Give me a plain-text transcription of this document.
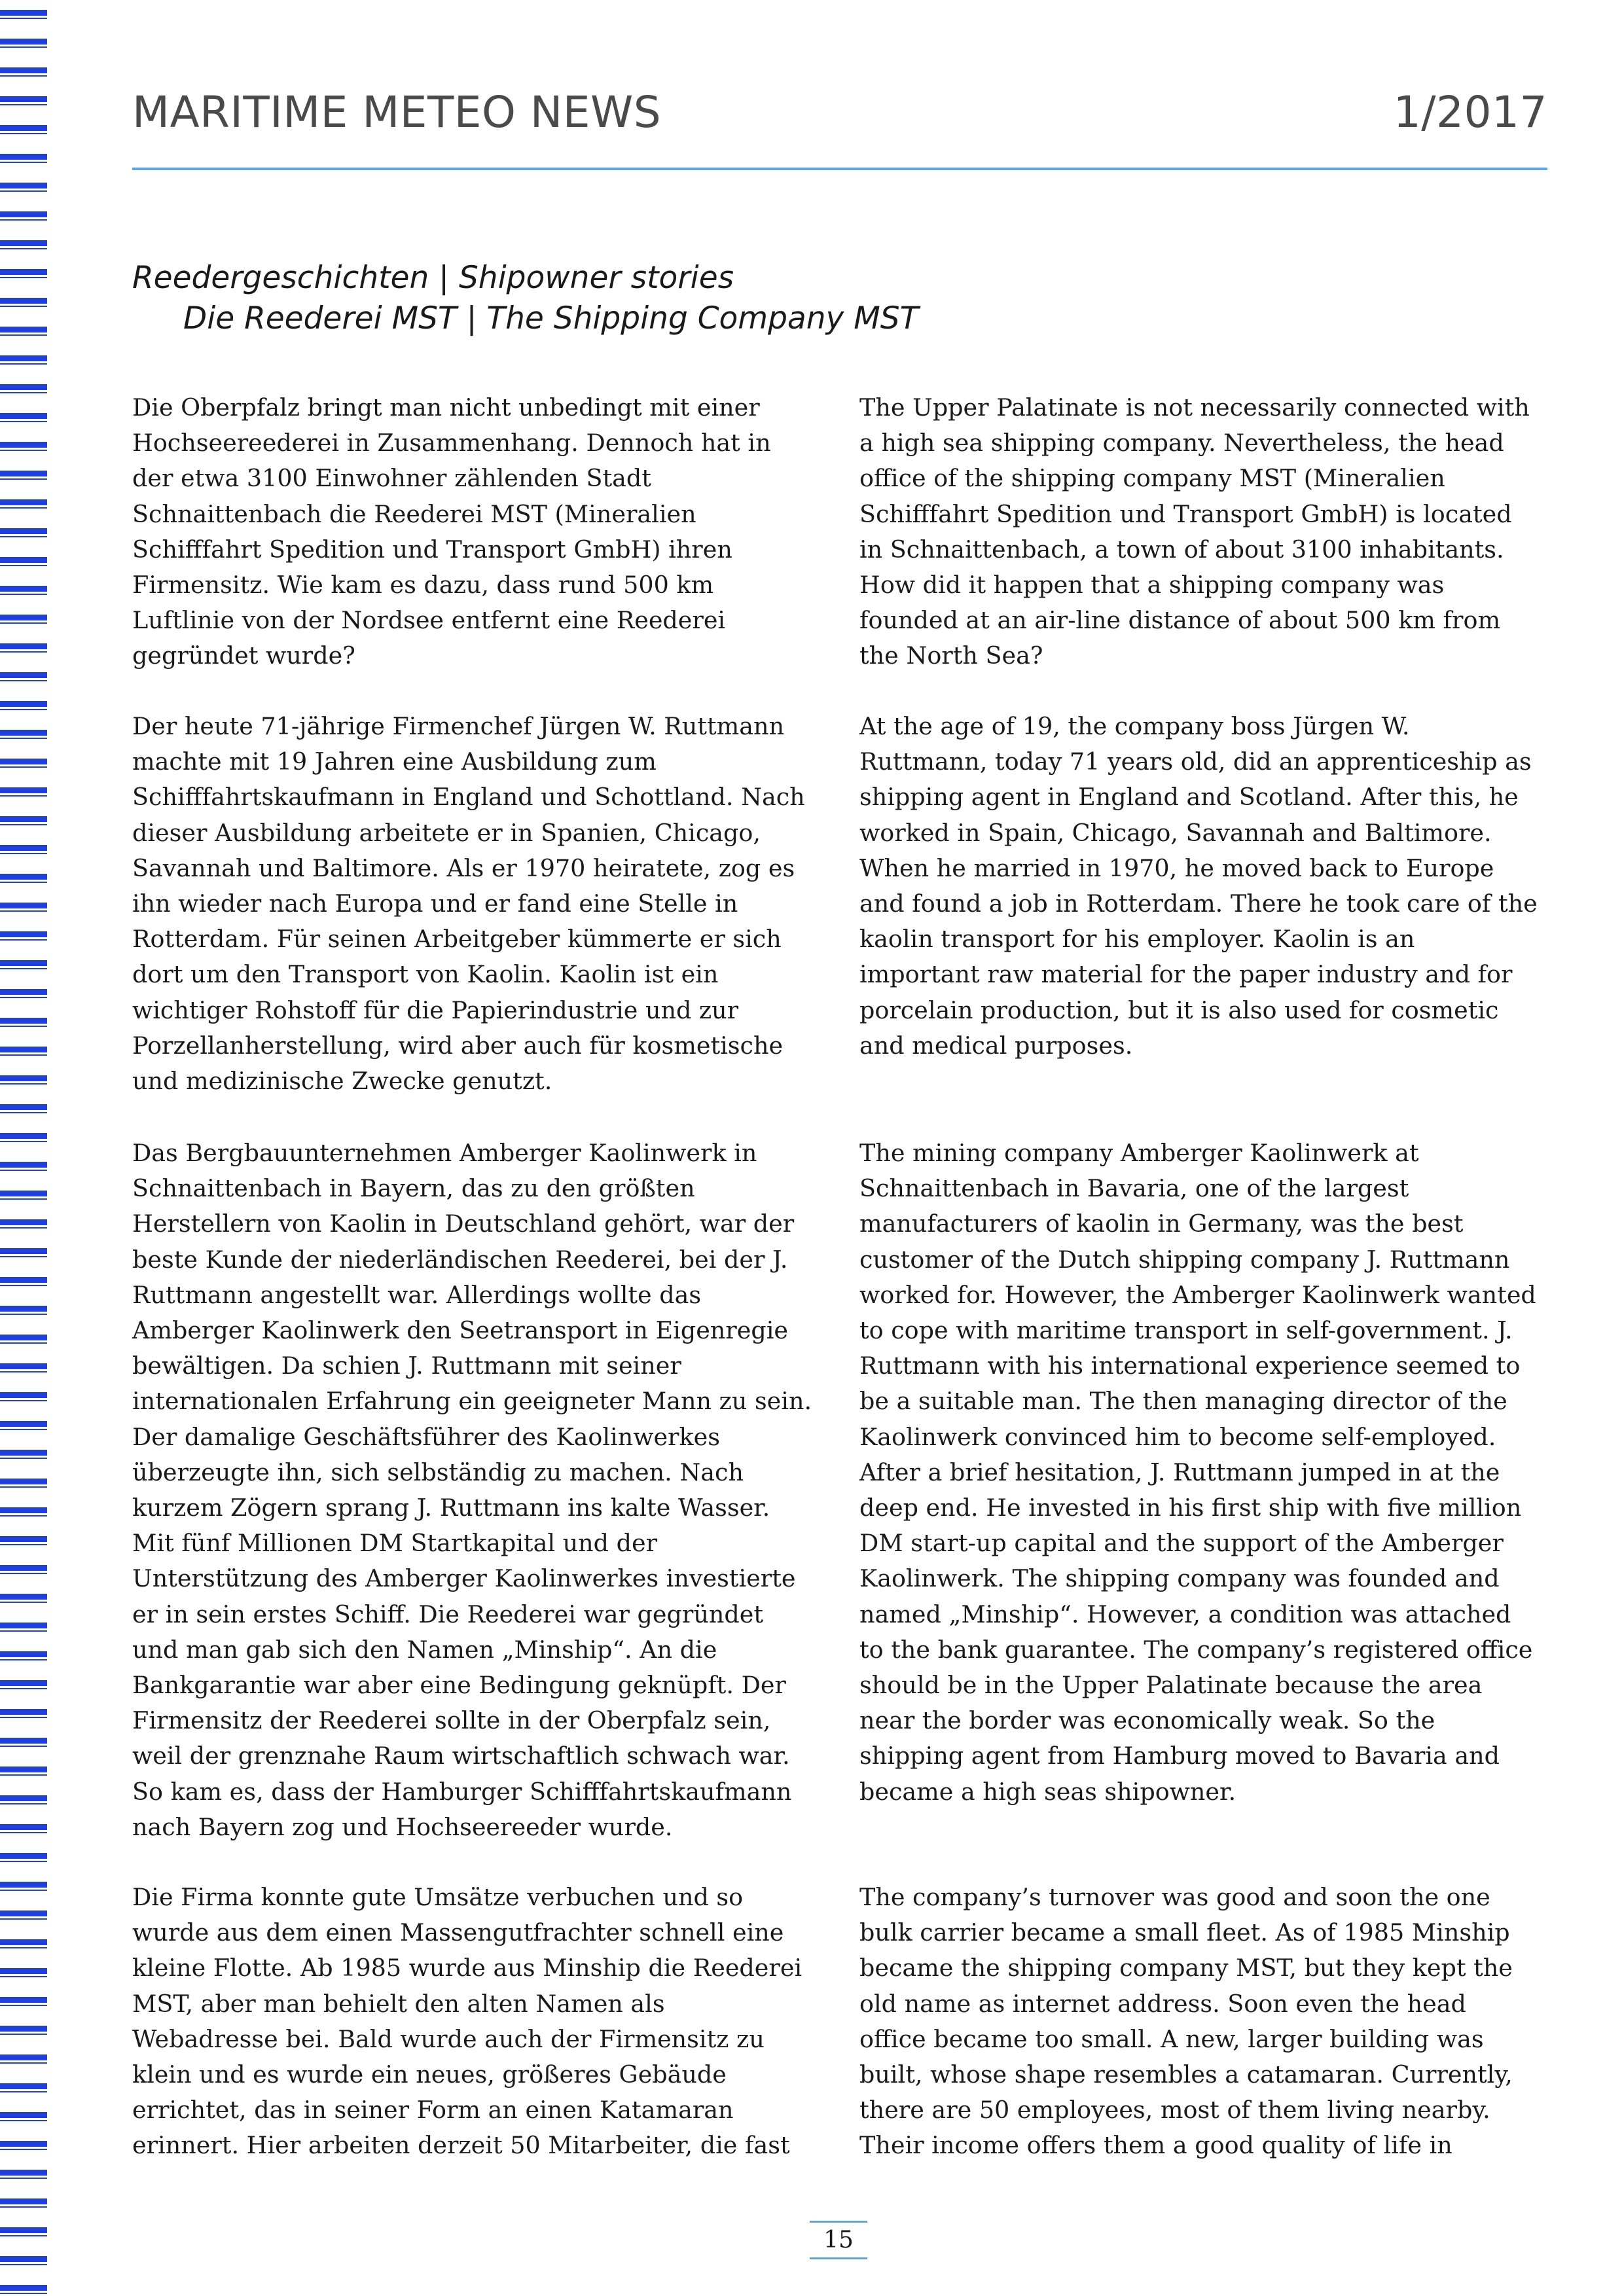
MARITIME METEO NEWS	1/2017
Reedergeschichten | Shipowner stories
Die Reederei MST | The Shipping Company MST

Die Oberpfalz bringt man nicht unbedingt mit einer Hochseereederei in Zusammenhang. Dennoch hat in der etwa 3100 Einwohner zählenden Stadt Schnaittenbach die Reederei MST (Mineralien Schifffahrt Spedition und Transport GmbH) ihren Firmensitz. Wie kam es dazu, dass rund 500 km Luftlinie von der Nordsee entfernt eine Reederei gegründet wurde?

Der heute 71-jährige Firmenchef Jürgen W. Ruttmann machte mit 19 Jahren eine Ausbildung zum Schifffahrtskaufmann in England und Schottland. Nach dieser Ausbildung arbeitete er in Spanien, Chicago, Savannah und Baltimore. Als er 1970 heiratete, zog es ihn wieder nach Europa und er fand eine Stelle in Rotterdam. Für seinen Arbeitgeber kümmerte er sich dort um den Transport von Kaolin. Kaolin ist ein wichtiger Rohstoff für die Papierindustrie und zur Porzellanherstellung, wird aber auch für kosmetische und medizinische Zwecke genutzt.

Das Bergbauunternehmen Amberger Kaolinwerk in Schnaittenbach in Bayern, das zu den größten Herstellern von Kaolin in Deutschland gehört, war der beste Kunde der niederländischen Reederei, bei der J. Ruttmann angestellt war. Allerdings wollte das Amberger Kaolinwerk den Seetransport in Eigenregie bewältigen. Da schien J. Ruttmann mit seiner internationalen Erfahrung ein geeigneter Mann zu sein. Der damalige Geschäftsführer des Kaolinwerkes überzeugte ihn, sich selbständig zu machen. Nach kurzem Zögern sprang J. Ruttmann ins kalte Wasser. Mit fünf Millionen DM Startkapital und der Unterstützung des Amberger Kaolinwerkes investierte er in sein erstes Schiff. Die Reederei war gegründet und man gab sich den Namen „Minship“. An die Bankgarantie war aber eine Bedingung geknüpft. Der Firmensitz der Reederei sollte in der Oberpfalz sein, weil der grenznahe Raum wirtschaftlich schwach war. So kam es, dass der Hamburger Schifffahrtskaufmann nach Bayern zog und Hochseereeder wurde.

Die Firma konnte gute Umsätze verbuchen und so wurde aus dem einen Massengutfrachter schnell eine kleine Flotte. Ab 1985 wurde aus Minship die Reederei MST, aber man behielt den alten Namen als Webadresse bei. Bald wurde auch der Firmensitz zu klein und es wurde ein neues, größeres Gebäude errichtet, das in seiner Form an einen Katamaran erinnert. Hier arbeiten derzeit 50 Mitarbeiter, die fast

The Upper Palatinate is not necessarily connected with a high sea shipping company. Nevertheless, the head office of the shipping company MST (Mineralien Schifffahrt Spedition und Transport GmbH) is located in Schnaittenbach, a town of about 3100 inhabitants. How did it happen that a shipping company was founded at an air-line distance of about 500 km from the North Sea?

At the age of 19, the company boss Jürgen W. Ruttmann, today 71 years old, did an apprenticeship as shipping agent in England and Scotland. After this, he worked in Spain, Chicago, Savannah and Baltimore. When he married in 1970, he moved back to Europe and found a job in Rotterdam. There he took care of the kaolin transport for his employer. Kaolin is an important raw material for the paper industry and for porcelain production, but it is also used for cosmetic and medical purposes.

The mining company Amberger Kaolinwerk at Schnaittenbach in Bavaria, one of the largest manufacturers of kaolin in Germany, was the best customer of the Dutch shipping company J. Ruttmann worked for. However, the Amberger Kaolinwerk wanted to cope with maritime transport in self-government. J. Ruttmann with his international experience seemed to be a suitable man. The then managing director of the Kaolinwerk convinced him to become self-employed. After a brief hesitation, J. Ruttmann jumped in at the deep end. He invested in his first ship with five million DM start-up capital and the support of the Amberger Kaolinwerk. The shipping company was founded and named „Minship“. However, a condition was attached to the bank guarantee. The company’s registered office should be in the Upper Palatinate because the area near the border was economically weak. So the shipping agent from Hamburg moved to Bavaria and became a high seas shipowner.

The company’s turnover was good and soon the one bulk carrier became a small fleet. As of 1985 Minship became the shipping company MST, but they kept the old name as internet address. Soon even the head office became too small. A new, larger building was built, whose shape resembles a catamaran. Currently, there are 50 employees, most of them living nearby. Their income offers them a good quality of life in

15
